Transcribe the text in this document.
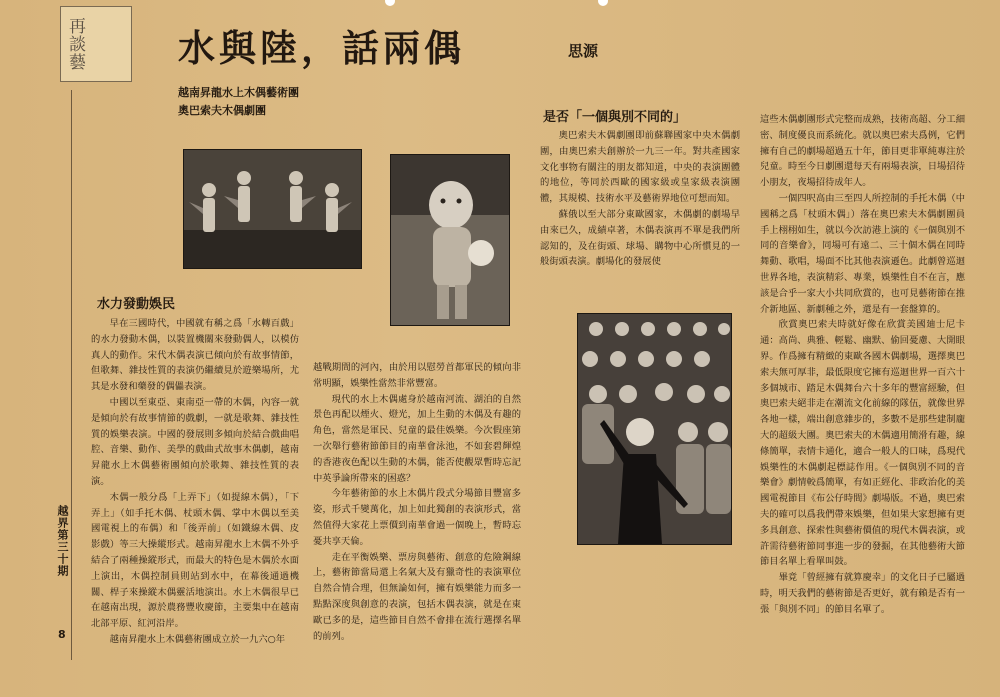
再談藝	水與陸，話兩偶	思源
越南昇龍水上木偶藝術團
奧巴索夫木偶劇團
越界第三十期
8
水力發動娛民
早在三國時代，中國就有稱之爲「水轉百戲」的水力發動木偶，以裝置機關來發動偶人，以模仿真人的動作。宋代木偶表演已傾向於有故事情節，但歌舞、雜技性質的表演仍繼續見於遊樂場所，尤其是水發和藥發的偶儡表演。
中國以至東亞、東南亞一帶的木偶，內容一就是傾向於有故事情節的戲劇，一就是歌舞、雜技性質的娛樂表演。中國的發展則多傾向於結合戲曲唱腔、音樂、動作、美學的戲曲式故事木偶劇，越南昇龍水上木偶藝術團傾向於歌舞、雜技性質的表演。
木偶一般分爲「上弄下」（如提線木偶），「下弄上」（如手托木偶、杖頭木偶、掌中木偶以至美國電視上的布偶）和「後弄前」（如鐵線木偶、皮影戲）等三大操縱形式。越南昇龍水上木偶不外乎結合了兩種操縱形式，而最大的特色是木偶於水面上演出，木偶控制員則站到水中，在幕後通過機關、桿子來操縱木偶靈活地演出。水上木偶很早已在越南出現，源於農務豐收慶節，主要集中在越南北部平原、紅河沿岸。
越南昇龍水上木偶藝術團成立於一九六○年
越戰期間的河內，由於用以慰勞首都軍民的傾向非常明顯，娛樂性當然非常豐富。
現代的水上木偶處身於越南河流、湖泊的自然景色再配以煙火、燈光，加上生動的木偶及有趣的角色，當然是軍民、兒童的最佳娛樂。今次假座第一次舉行藝術節節目的南華會泳池，不如套碧輝煌的香港夜色配以生動的木偶，能否使觀眾暫時忘記中英爭論所帶來的困惑？
今年藝術節的水上木偶片段式分場節目豐富多姿，形式千變萬化，加上如此獨創的表演形式，當然值得大家花上票價到南華會過一個晚上，暫時忘憂共享天倫。
走在平衡娛樂、票房與藝術、創意的危險鋼線上，藝術節當局還上名氣大及有獵奇性的表演單位自然合情合理，但無論如何，擁有娛樂能力而多一點點深度與創意的表演，包括木偶表演，就是在東歐已多的是，這些節目自然不會排在流行選擇名單的前列。
是否「一個與別不同的」
奧巴索夫木偶劇團即前蘇聯國家中央木偶劇團，由奧巴索夫創辦於一九三一年。對共產國家文化事物有關注的朋友都知道，中央的表演團體的地位，等同於西歐的國家級或皇家級表演團體，其規模、技術水平及藝術界地位可想而知。
蘇俄以至大部分東歐國家，木偶劇的劇場早由來已久，成績卓著，木偶表演再不單是我們所認知的，及在街頭、球場、購物中心所慣見的一般街頭表演。劇場化的發展使
這些木偶劇團形式完整而成熟，技術高超、分工細密、制度優良而系統化。就以奧巴索夫爲例，它們擁有自己的劇場超過五十年，節目更非單純專注於兒童。時至今日劇團還每天有兩場表演，日場招待小朋友，夜場招待成年人。
一個四呎高由三至四人所控制的手托木偶（中國稱之爲「杖頭木偶」）落在奧巴索夫木偶劇團員手上栩栩如生，就以今次訪港上演的《一個與別不同的音樂會》，同場可有遠二、三十個木偶在同時舞動、歌唱，場面不比其他表演遜色。此劇曾巡迴世界各地，表演精彩、專業，娛樂性自不在言，應該是合乎一家大小共同欣賞的，也可見藝術節在推介新地區、新劇種之外，還是有一套盤算的。
欣賞奧巴索夫時就好像在欣賞美國廸士尼卡通：高尚、典雅、輕鬆、幽默、偷回憂慮、大開眼界。作爲擁有精緻的東歐各國木偶劇場，選擇奧巴索夫無可厚非，最低限度它擁有巡迴世界一百六十多個城市、踏足木偶舞台六十多年的豐富經驗，但奧巴索夫絕非走在潮流文化前線的隊伍，就像世界各地一樣，端出創意雜步的，多數不是那些建制龐大的超級大團。奧巴索夫的木偶適用簡滑有趣，線條簡單，表情卡通化，適合一般人的口味，爲現代娛樂性的木偶劇起標誌作用。《一個與別不同的音樂會》劇情較爲簡單，有如正經化、非政治化的美國電視節目《布公仔時間》劇場版。不過，奧巴索夫的確可以爲我們帶來娛樂，但如果大家想擁有更多具創意、探索性與藝術價值的現代木偶表演，或許需待藝術節同事進一步的發掘，在其他藝術大節節目名單上看單叫鼓。
畢竟「曾經擁有就算慶幸」的文化日子已屬過時，明天我們的藝術節是否更好，就有賴是否有一張「與別不同」的節目名單了。
